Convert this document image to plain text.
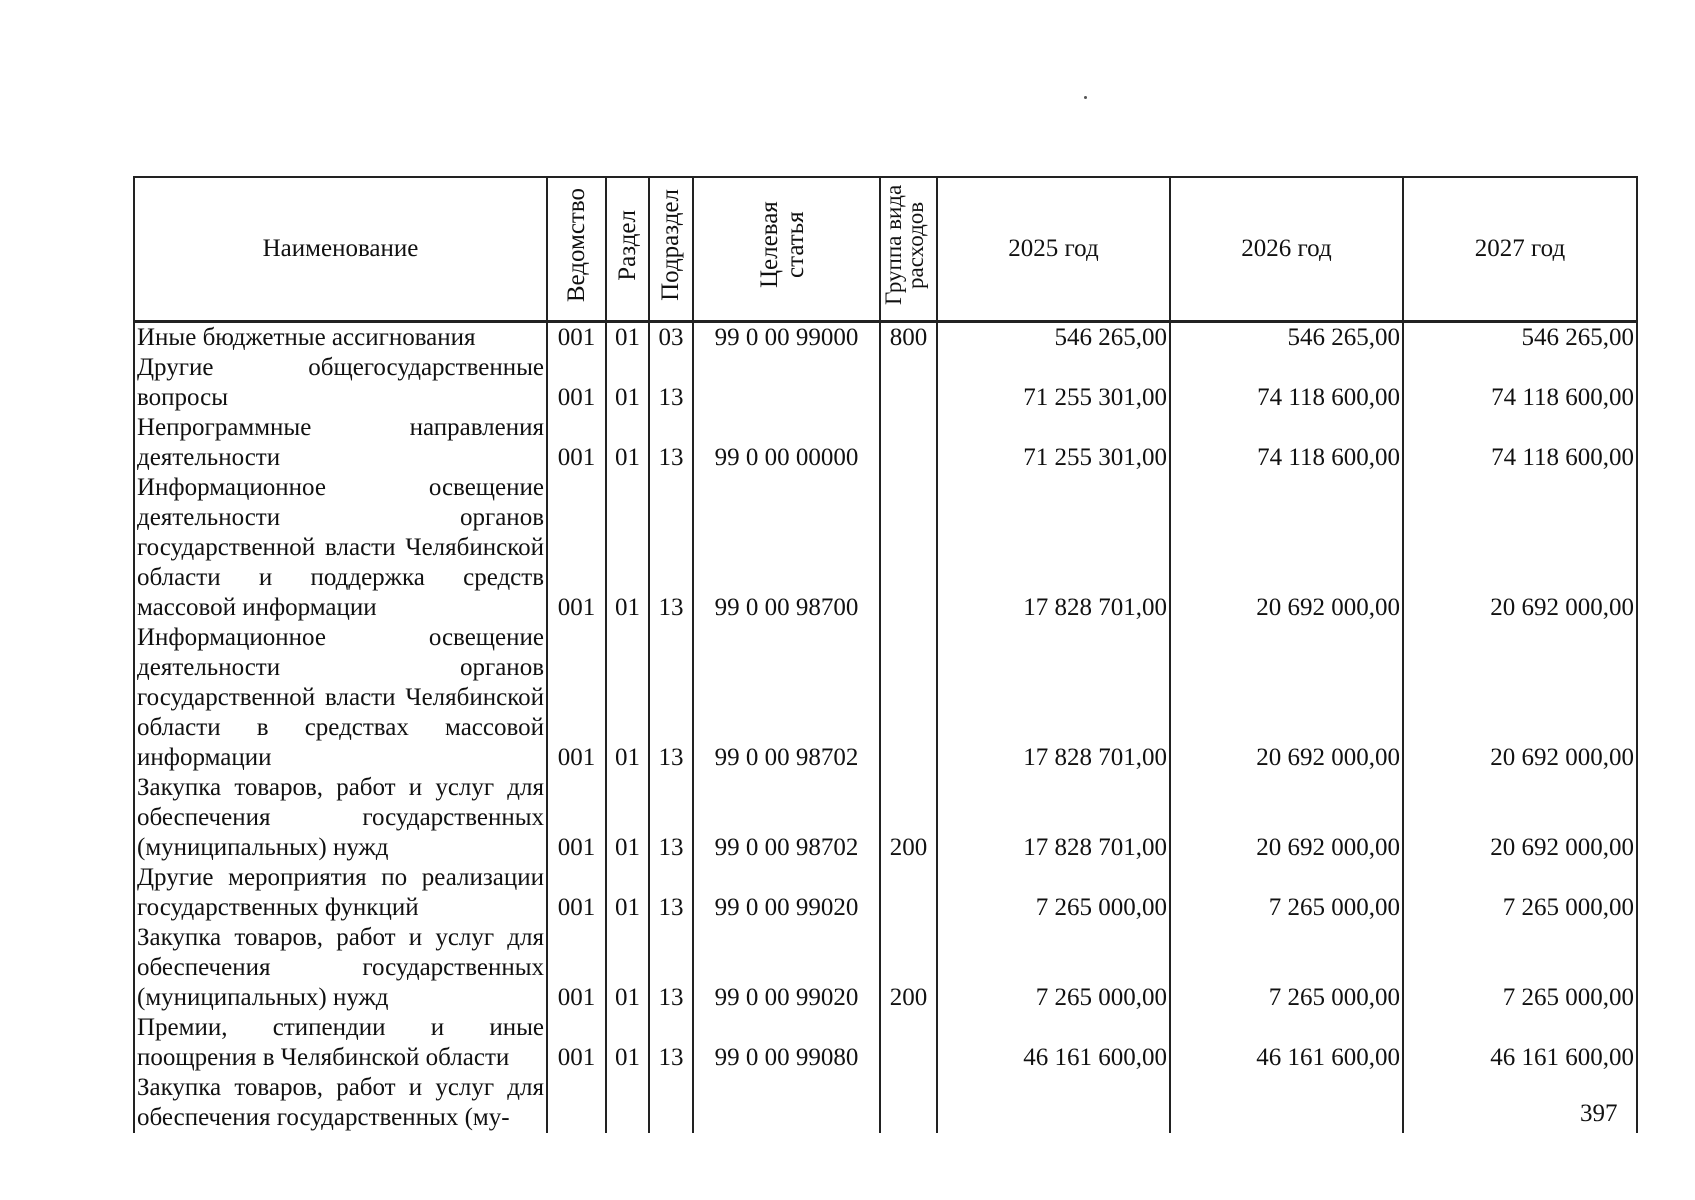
Наименование	Ведомство	Раздел	Подраздел	Целевая статья	Группа вида расходов	2025 год	2026 год	2027 год
Иные бюджетные ассигнования	001	01	03	99 0 00 99000	800	546 265,00	546 265,00	546 265,00
Другие общегосударственные вопросы	001	01	13			71 255 301,00	74 118 600,00	74 118 600,00
Непрограммные направления деятельности	001	01	13	99 0 00 00000		71 255 301,00	74 118 600,00	74 118 600,00
Информационное освещение деятельности органов государственной власти Челябинской области и поддержка средств массовой информации	001	01	13	99 0 00 98700		17 828 701,00	20 692 000,00	20 692 000,00
Информационное освещение деятельности органов государственной власти Челябинской области в средствах массовой информации	001	01	13	99 0 00 98702		17 828 701,00	20 692 000,00	20 692 000,00
Закупка товаров, работ и услуг для обеспечения государственных (муниципальных) нужд	001	01	13	99 0 00 98702	200	17 828 701,00	20 692 000,00	20 692 000,00
Другие мероприятия по реализации государственных функций	001	01	13	99 0 00 99020		7 265 000,00	7 265 000,00	7 265 000,00
Закупка товаров, работ и услуг для обеспечения государственных (муниципальных) нужд	001	01	13	99 0 00 99020	200	7 265 000,00	7 265 000,00	7 265 000,00
Премии, стипендии и иные поощрения в Челябинской области	001	01	13	99 0 00 99080		46 161 600,00	46 161 600,00	46 161 600,00
Закупка товаров, работ и услуг для обеспечения государственных (му-									397
